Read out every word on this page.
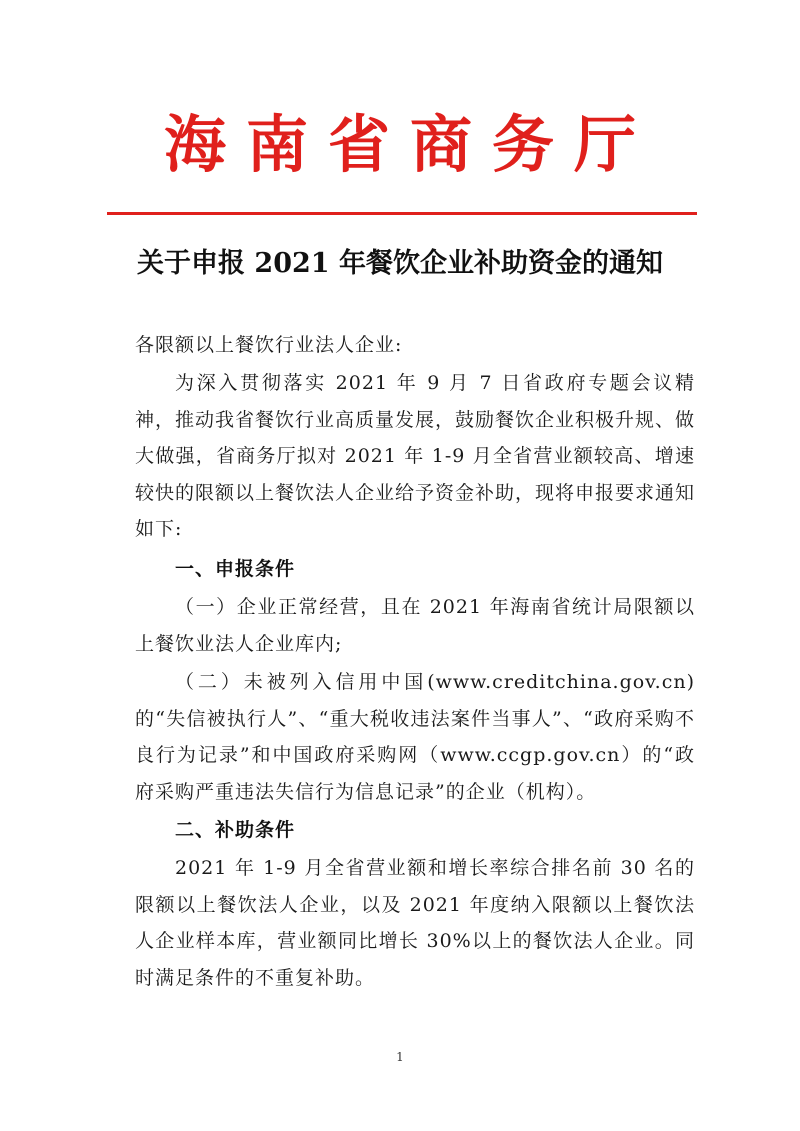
海南省商务厅
关于申报 2021 年餐饮企业补助资金的通知
各限额以上餐饮行业法人企业:
为深入贯彻落实 2021 年 9 月 7 日省政府专题会议精神，推动我省餐饮行业高质量发展，鼓励餐饮企业积极升规、做大做强，省商务厅拟对 2021 年 1-9 月全省营业额较高、增速较快的限额以上餐饮法人企业给予资金补助，现将申报要求通知如下:
一、申报条件
（一）企业正常经营，且在 2021 年海南省统计局限额以上餐饮业法人企业库内;
（二）未被列入信用中国(www.creditchina.gov.cn)的“失信被执行人”、“重大税收违法案件当事人”、“政府采购不良行为记录”和中国政府采购网（www.ccgp.gov.cn）的“政府采购严重违法失信行为信息记录”的企业（机构）。
二、补助条件
2021 年 1-9 月全省营业额和增长率综合排名前 30 名的限额以上餐饮法人企业，以及 2021 年度纳入限额以上餐饮法人企业样本库，营业额同比增长 30%以上的餐饮法人企业。同时满足条件的不重复补助。
1
